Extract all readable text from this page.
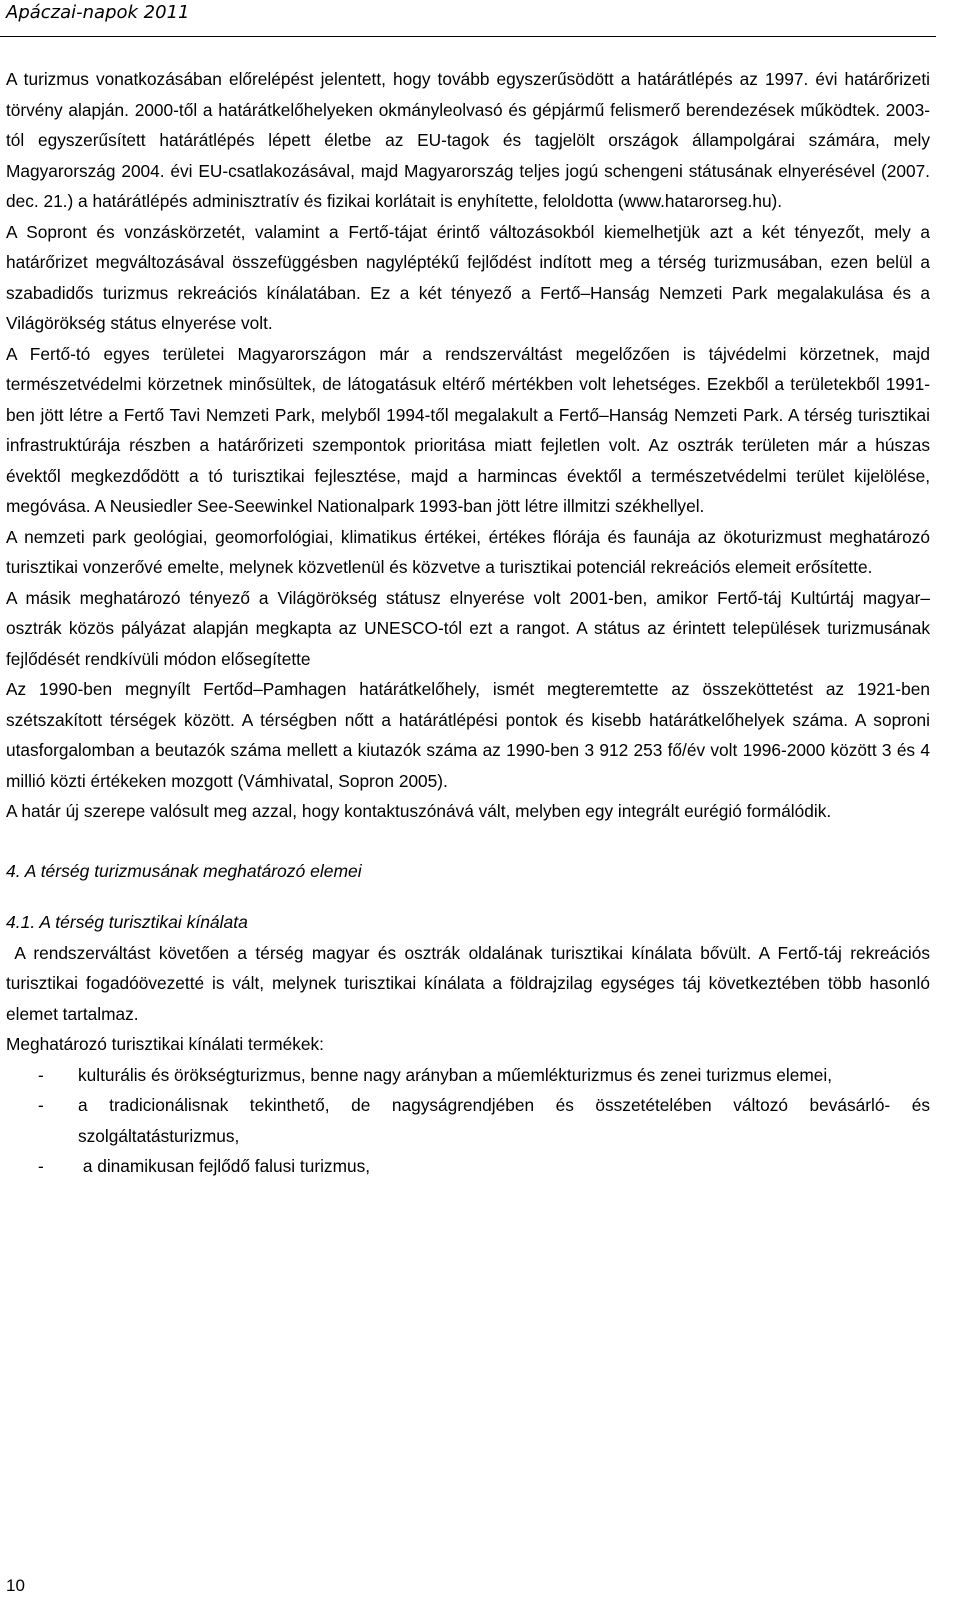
Apáczai-napok 2011

A turizmus vonatkozásában előrelépést jelentett, hogy tovább egyszerűsödött a határátlépés az 1997. évi határőrizeti törvény alapján. 2000-től a határátkelőhelyeken okmányleolvasó és gépjármű felismerő berendezések működtek. 2003-tól egyszerűsített határátlépés lépett életbe az EU-tagok és tagjelölt országok állampolgárai számára, mely Magyarország 2004. évi EU-csatlakozásával, majd Magyarország teljes jogú schengeni státusának elnyerésével (2007. dec. 21.) a határátlépés adminisztratív és fizikai korlátait is enyhítette, feloldotta (www.hatarorseg.hu).

A Sopront és vonzáskörzetét, valamint a Fertő-tájat érintő változásokból kiemelhetjük azt a két tényezőt, mely a határőrizet megváltozásával összefüggésben nagyléptékű fejlődést indított meg a térség turizmusában, ezen belül a szabadidős turizmus rekreációs kínálatában. Ez a két tényező a Fertő–Hanság Nemzeti Park megalakulása és a Világörökség státus elnyerése volt.

A Fertő-tó egyes területei Magyarországon már a rendszerváltást megelőzően is tájvédelmi körzetnek, majd természetvédelmi körzetnek minősültek, de látogatásuk eltérő mértékben volt lehetséges. Ezekből a területekből 1991-ben jött létre a Fertő Tavi Nemzeti Park, melyből 1994-től megalakult a Fertő–Hanság Nemzeti Park. A térség turisztikai infrastruktúrája részben a határőrizeti szempontok prioritása miatt fejletlen volt. Az osztrák területen már a húszas évektől megkezdődött a tó turisztikai fejlesztése, majd a harmincas évektől a természetvédelmi terület kijelölése, megóvása. A Neusiedler See-Seewinkel Nationalpark 1993-ban jött létre illmitzi székhellyel.

A nemzeti park geológiai, geomorfológiai, klimatikus értékei, értékes flórája és faunája az ökoturizmust meghatározó turisztikai vonzerővé emelte, melynek közvetlenül és közvetve a turisztikai potenciál rekreációs elemeit erősítette.

A másik meghatározó tényező a Világörökség státusz elnyerése volt 2001-ben, amikor Fertő-táj Kultúrtáj magyar–osztrák közös pályázat alapján megkapta az UNESCO-tól ezt a rangot. A státus az érintett települések turizmusának fejlődését rendkívüli módon elősegítette

Az 1990-ben megnyílt Fertőd–Pamhagen határátkelőhely, ismét megteremtette az összeköttetést az 1921-ben szétszakított térségek között. A térségben nőtt a határátlépési pontok és kisebb határátkelőhelyek száma. A soproni utasforgalomban a beutazók száma mellett a kiutazók száma az 1990-ben 3 912 253 fő/év volt 1996-2000 között 3 és 4 millió közti értékeken mozgott (Vámhivatal, Sopron 2005).

A határ új szerepe valósult meg azzal, hogy kontaktuszónává vált, melyben egy integrált eurégió formálódik.

4. A térség turizmusának meghatározó elemei

4.1. A térség turisztikai kínálata

A rendszerváltást követően a térség magyar és osztrák oldalának turisztikai kínálata bővült. A Fertő-táj rekreációs turisztikai fogadóövezetté is vált, melynek turisztikai kínálata a földrajzilag egységes táj következtében több hasonló elemet tartalmaz.

Meghatározó turisztikai kínálati termékek:

- kulturális és örökségturizmus, benne nagy arányban a műemlékturizmus és zenei turizmus elemei,
- a tradicionálisnak tekinthető, de nagyságrendjében és összetételében változó bevásárló- és szolgáltatásturizmus,
- a dinamikusan fejlődő falusi turizmus,
10
